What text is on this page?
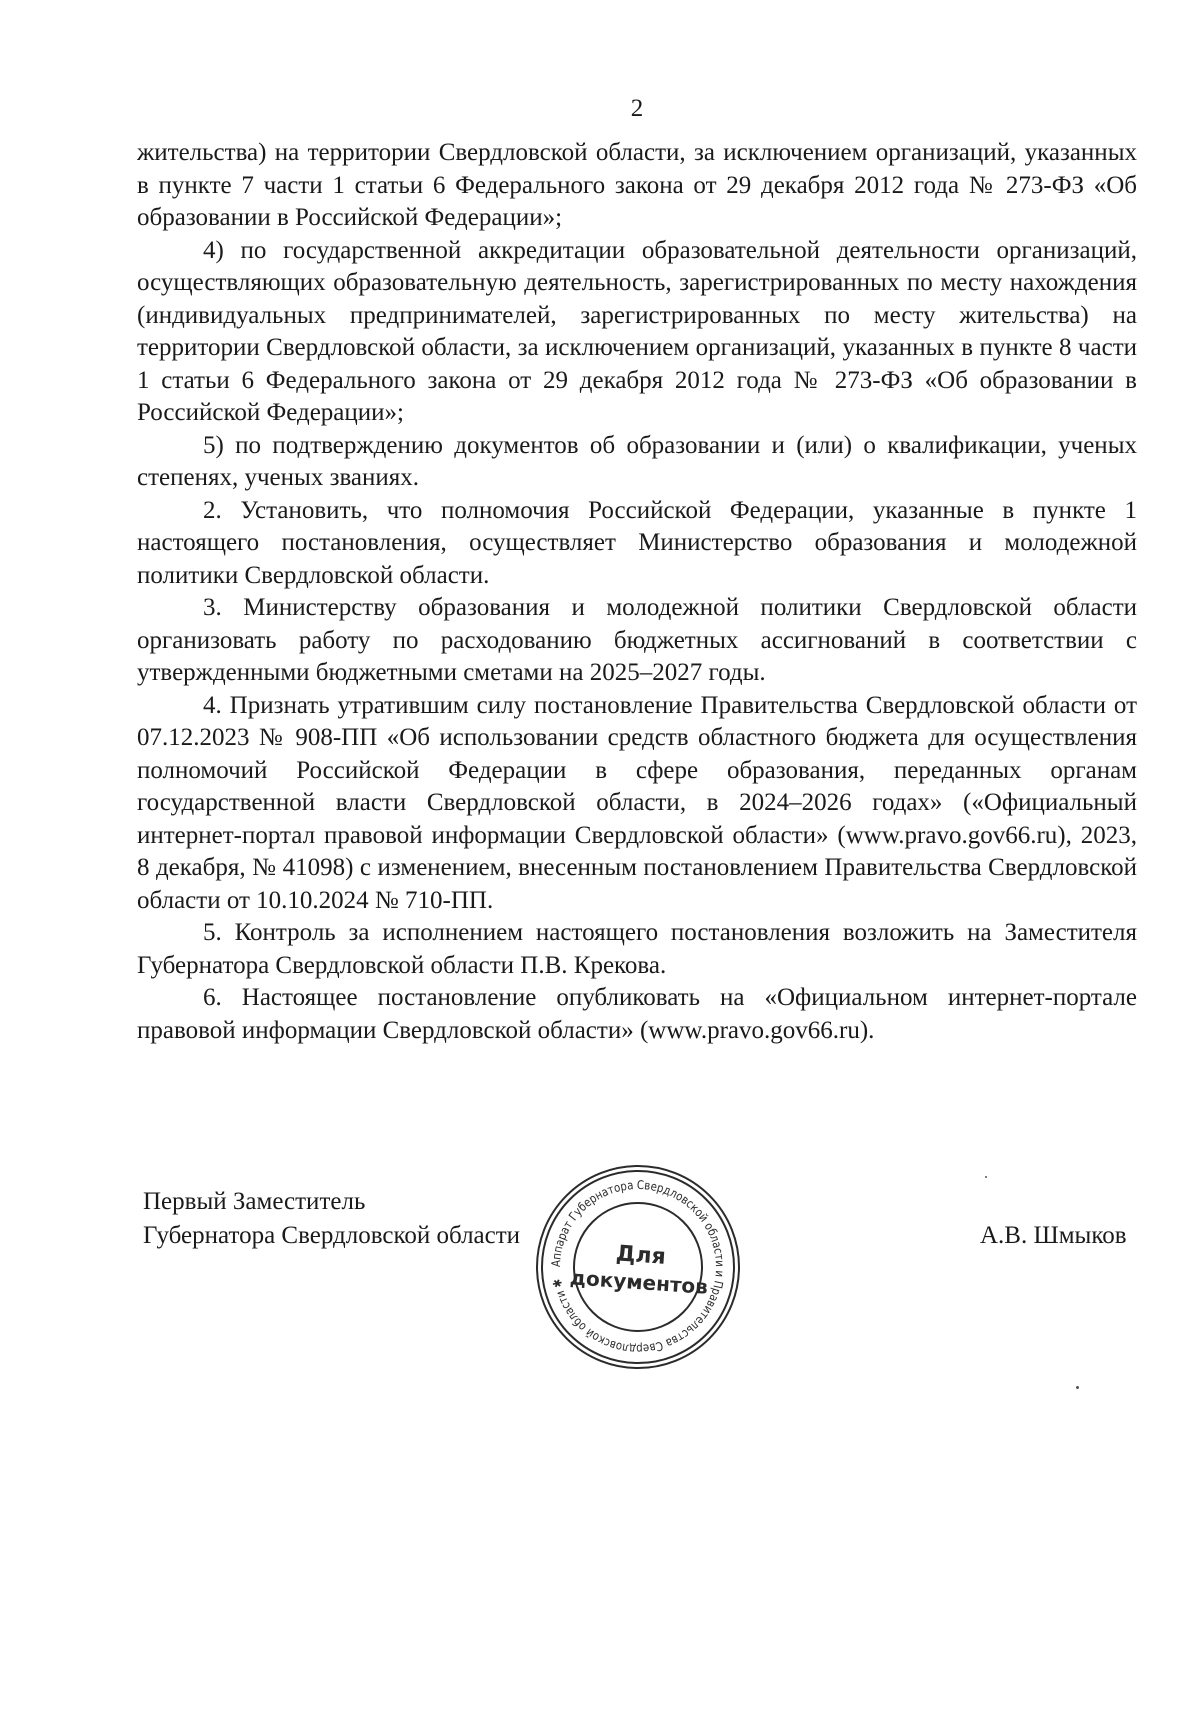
2

жительства) на территории Свердловской области, за исключением организаций, указанных в пункте 7 части 1 статьи 6 Федерального закона от 29 декабря 2012 года № 273-ФЗ «Об образовании в Российской Федерации»;

4) по государственной аккредитации образовательной деятельности организаций, осуществляющих образовательную деятельность, зарегистрированных по месту нахождения (индивидуальных предпринимателей, зарегистрированных по месту жительства) на территории Свердловской области, за исключением организаций, указанных в пункте 8 части 1 статьи 6 Федерального закона от 29 декабря 2012 года № 273-ФЗ «Об образовании в Российской Федерации»;

5) по подтверждению документов об образовании и (или) о квалификации, ученых степенях, ученых званиях.

2. Установить, что полномочия Российской Федерации, указанные в пункте 1 настоящего постановления, осуществляет Министерство образования и молодежной политики Свердловской области.

3. Министерству образования и молодежной политики Свердловской области организовать работу по расходованию бюджетных ассигнований в соответствии с утвержденными бюджетными сметами на 2025–2027 годы.

4. Признать утратившим силу постановление Правительства Свердловской области от 07.12.2023 № 908-ПП «Об использовании средств областного бюджета для осуществления полномочий Российской Федерации в сфере образования, переданных органам государственной власти Свердловской области, в 2024–2026 годах» («Официальный интернет-портал правовой информации Свердловской области» (www.pravo.gov66.ru), 2023, 8 декабря, № 41098) с изменением, внесенным постановлением Правительства Свердловской области от 10.10.2024 № 710-ПП.

5. Контроль за исполнением настоящего постановления возложить на Заместителя Губернатора Свердловской области П.В. Крекова.

6. Настоящее постановление опубликовать на «Официальном интернет-портале правовой информации Свердловской области» (www.pravo.gov66.ru).

Первый Заместитель
Губернатора Свердловской области	А.В. Шмыков
Аппарат Губернатора Свердловской области и Правительства Свердловской области ✱
Для
документов
